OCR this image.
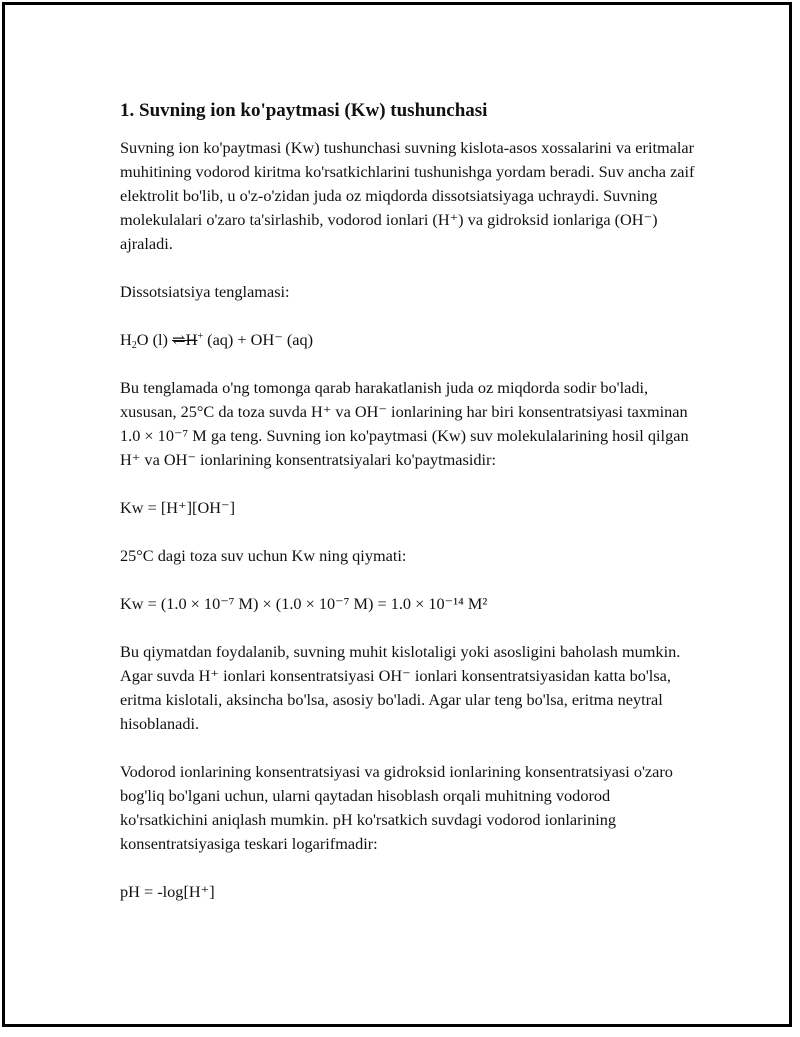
1. Suvning ion ko'paytmasi (Kw) tushunchasi

Suvning ion ko'paytmasi (Kw) tushunchasi suvning kislota-asos xossalarini va eritmalar muhitining vodorod kiritma ko'rsatkichlarini tushunishga yordam beradi. Suv ancha zaif elektrolit bo'lib, u o'z-o'zidan juda oz miqdorda dissotsiatsiyaga uchraydi. Suvning molekulalari o'zaro ta'sirlashib, vodorod ionlari (H⁺) va gidroksid ionlariga (OH⁻) ajraladi.

Dissotsiatsiya tenglamasi:

$H_2O$ (l) ⇌H+ (aq) + OH⁻ (aq)

Bu tenglamada o'ng tomonga qarab harakatlanish juda oz miqdorda sodir bo'ladi, xususan, 25°C da toza suvda H⁺ va OH⁻ ionlarining har biri konsentratsiyasi taxminan 1.0 × 10⁻⁷ M ga teng. Suvning ion ko'paytmasi (Kw) suv molekulalarining hosil qilgan H⁺ va OH⁻ ionlarining konsentratsiyalari ko'paytmasidir:

Kw = [H⁺][OH⁻]

25°C dagi toza suv uchun Kw ning qiymati:

Kw = (1.0 × 10⁻⁷ M) × (1.0 × 10⁻⁷ M) = 1.0 × 10⁻¹⁴ M²

Bu qiymatdan foydalanib, suvning muhit kislotaligi yoki asosligini baholash mumkin. Agar suvda H⁺ ionlari konsentratsiyasi OH⁻ ionlari konsentratsiyasidan katta bo'lsa, eritma kislotali, aksincha bo'lsa, asosiy bo'ladi. Agar ular teng bo'lsa, eritma neytral hisoblanadi.

Vodorod ionlarining konsentratsiyasi va gidroksid ionlarining konsentratsiyasi o'zaro bog'liq bo'lgani uchun, ularni qaytadan hisoblash orqali muhitning vodorod ko'rsatkichini aniqlash mumkin. pH ko'rsatkich suvdagi vodorod ionlarining konsentratsiyasiga teskari logarifmadir:

pH = -log[H⁺]
